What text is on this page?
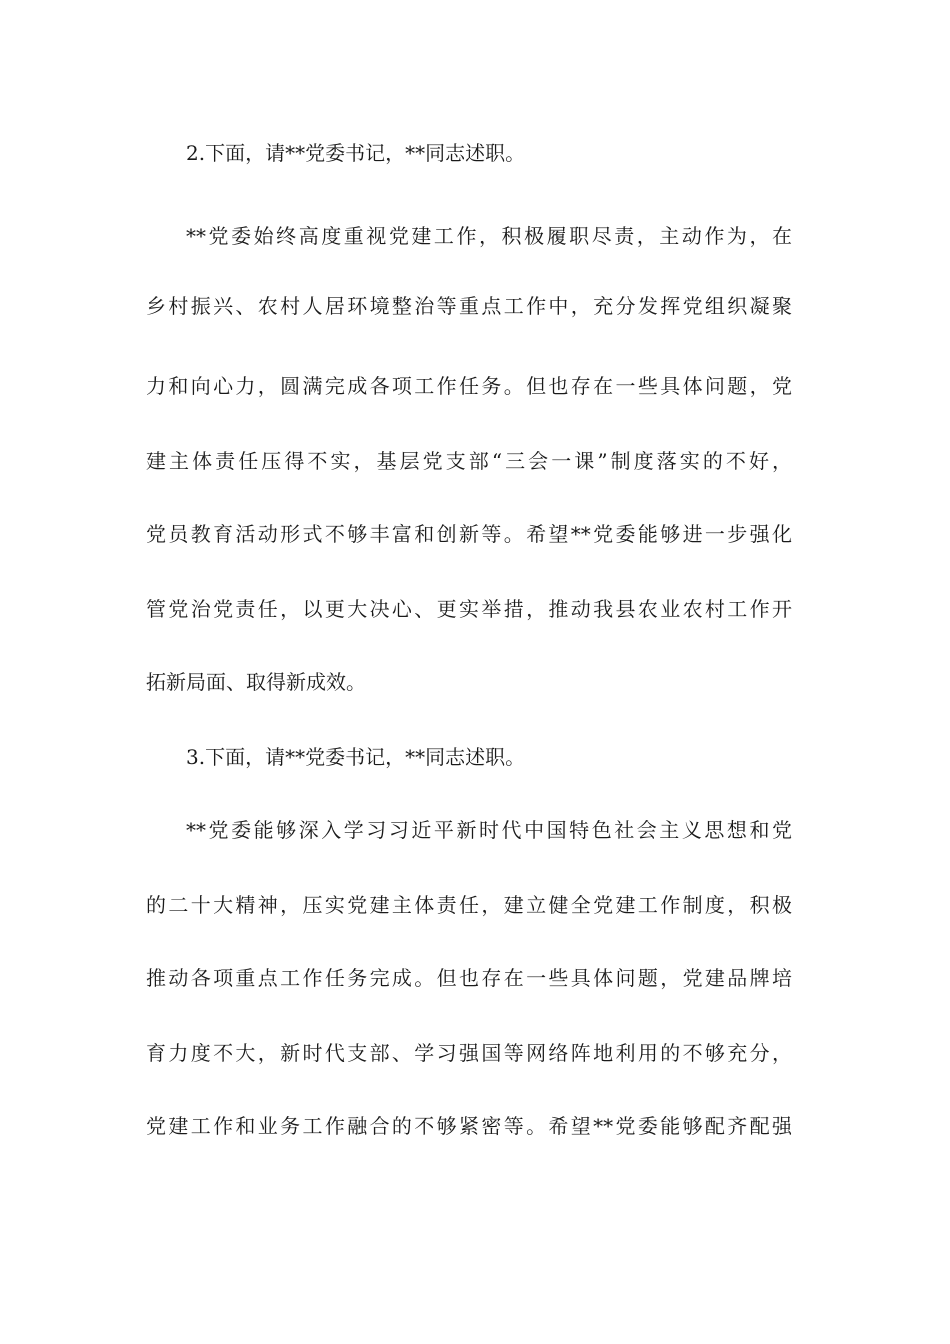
2.下面，请**党委书记，**同志述职。
**党委始终高度重视党建工作，积极履职尽责，主动作为，在
乡村振兴、农村人居环境整治等重点工作中，充分发挥党组织凝聚
力和向心力，圆满完成各项工作任务。但也存在一些具体问题，党
建主体责任压得不实，基层党支部“三会一课”制度落实的不好，
党员教育活动形式不够丰富和创新等。希望**党委能够进一步强化
管党治党责任，以更大决心、更实举措，推动我县农业农村工作开
拓新局面、取得新成效。
3.下面，请**党委书记，**同志述职。
**党委能够深入学习习近平新时代中国特色社会主义思想和党
的二十大精神，压实党建主体责任，建立健全党建工作制度，积极
推动各项重点工作任务完成。但也存在一些具体问题，党建品牌培
育力度不大，新时代支部、学习强国等网络阵地利用的不够充分，
党建工作和业务工作融合的不够紧密等。希望**党委能够配齐配强
